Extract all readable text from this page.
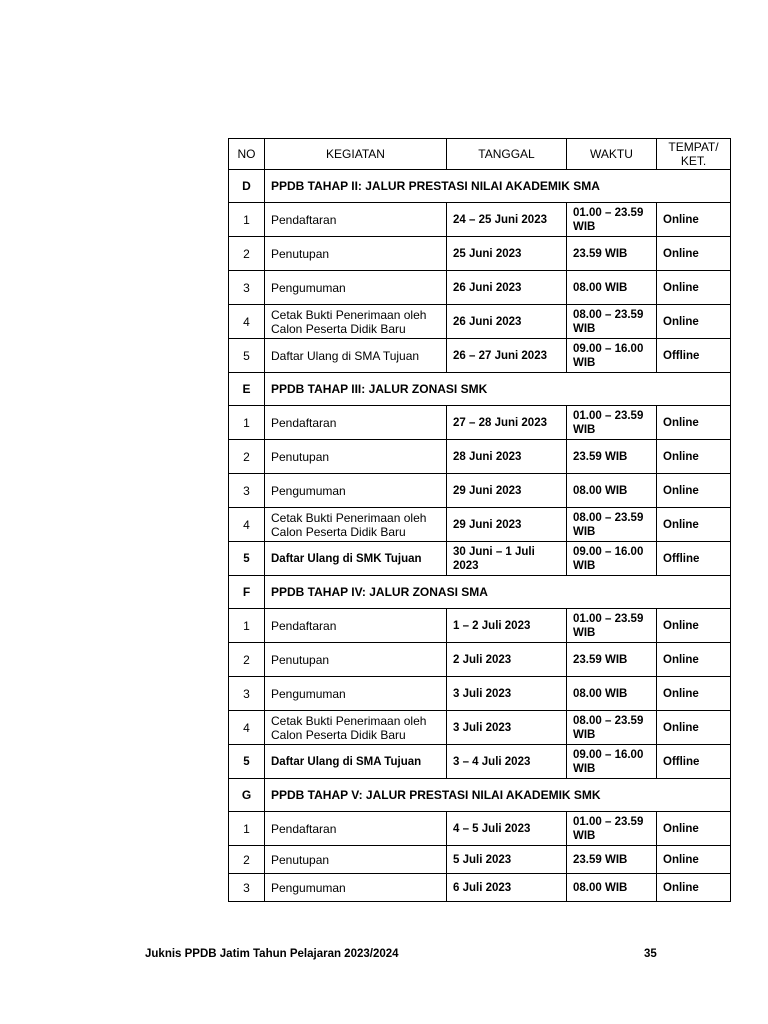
NO	KEGIATAN	TANGGAL	WAKTU	TEMPAT/ KET.
D	PPDB TAHAP II: JALUR PRESTASI NILAI AKADEMIK SMA			
1	Pendaftaran	24 – 25 Juni 2023	01.00 – 23.59 WIB	Online
2	Penutupan	25 Juni 2023	23.59 WIB	Online
3	Pengumuman	26 Juni 2023	08.00 WIB	Online
4	Cetak Bukti Penerimaan oleh Calon Peserta Didik Baru	26 Juni 2023	08.00 – 23.59 WIB	Online
5	Daftar Ulang di SMA Tujuan	26 – 27 Juni 2023	09.00 – 16.00 WIB	Offline
E	PPDB TAHAP III: JALUR ZONASI SMK			
1	Pendaftaran	27 – 28 Juni 2023	01.00 – 23.59 WIB	Online
2	Penutupan	28 Juni 2023	23.59 WIB	Online
3	Pengumuman	29 Juni 2023	08.00 WIB	Online
4	Cetak Bukti Penerimaan oleh Calon Peserta Didik Baru	29 Juni 2023	08.00 – 23.59 WIB	Online
5	Daftar Ulang di SMK Tujuan	30 Juni – 1 Juli 2023	09.00 – 16.00 WIB	Offline
F	PPDB TAHAP IV: JALUR ZONASI SMA			
1	Pendaftaran	1 – 2 Juli 2023	01.00 – 23.59 WIB	Online
2	Penutupan	2 Juli 2023	23.59 WIB	Online
3	Pengumuman	3 Juli 2023	08.00 WIB	Online
4	Cetak Bukti Penerimaan oleh Calon Peserta Didik Baru	3 Juli 2023	08.00 – 23.59 WIB	Online
5	Daftar Ulang di SMA Tujuan	3 – 4 Juli 2023	09.00 – 16.00 WIB	Offline
G	PPDB TAHAP V: JALUR PRESTASI NILAI AKADEMIK SMK			
1	Pendaftaran	4 – 5 Juli 2023	01.00 – 23.59 WIB	Online
2	Penutupan	5 Juli 2023	23.59 WIB	Online
3	Pengumuman	6 Juli 2023	08.00 WIB	Online
Juknis PPDB Jatim Tahun Pelajaran 2023/2024	35
